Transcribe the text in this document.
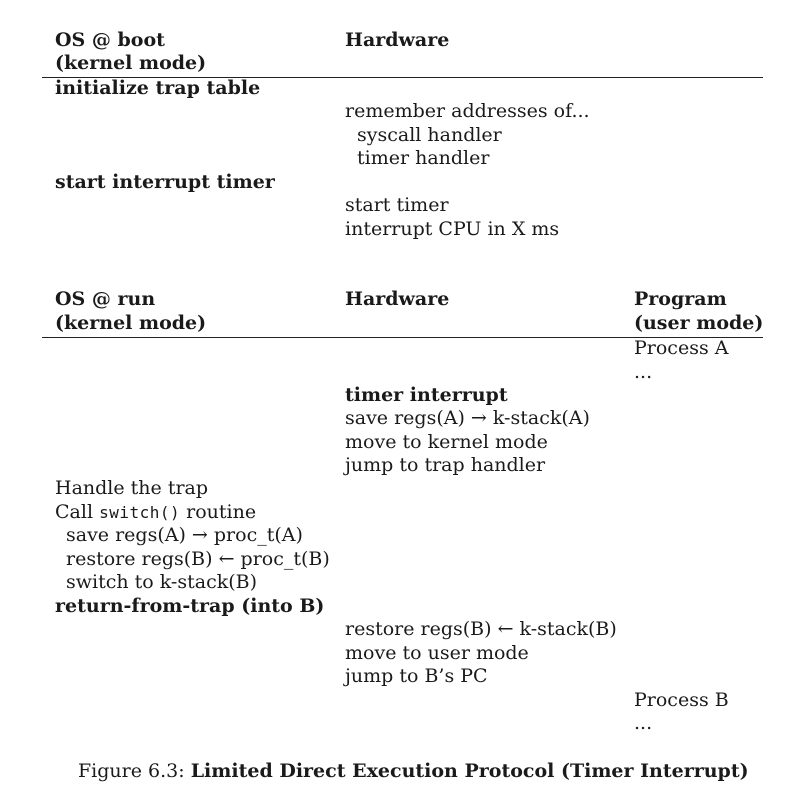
OS @ boot
(kernel mode)
Hardware
initialize trap table
remember addresses of...
syscall handler
timer handler
start interrupt timer
start timer
interrupt CPU in X ms
OS @ run
(kernel mode)
Hardware	Program
(user mode)
Process A
...
timer interrupt
save regs(A) → k-stack(A)
move to kernel mode
jump to trap handler
Handle the trap
Call switch() routine
save regs(A) → proc_t(A)
restore regs(B) ← proc_t(B)
switch to k-stack(B)
return-from-trap (into B)
restore regs(B) ← k-stack(B)
move to user mode
jump to B’s PC
Process B
...
Figure 6.3: Limited Direct Execution Protocol (Timer Interrupt)
